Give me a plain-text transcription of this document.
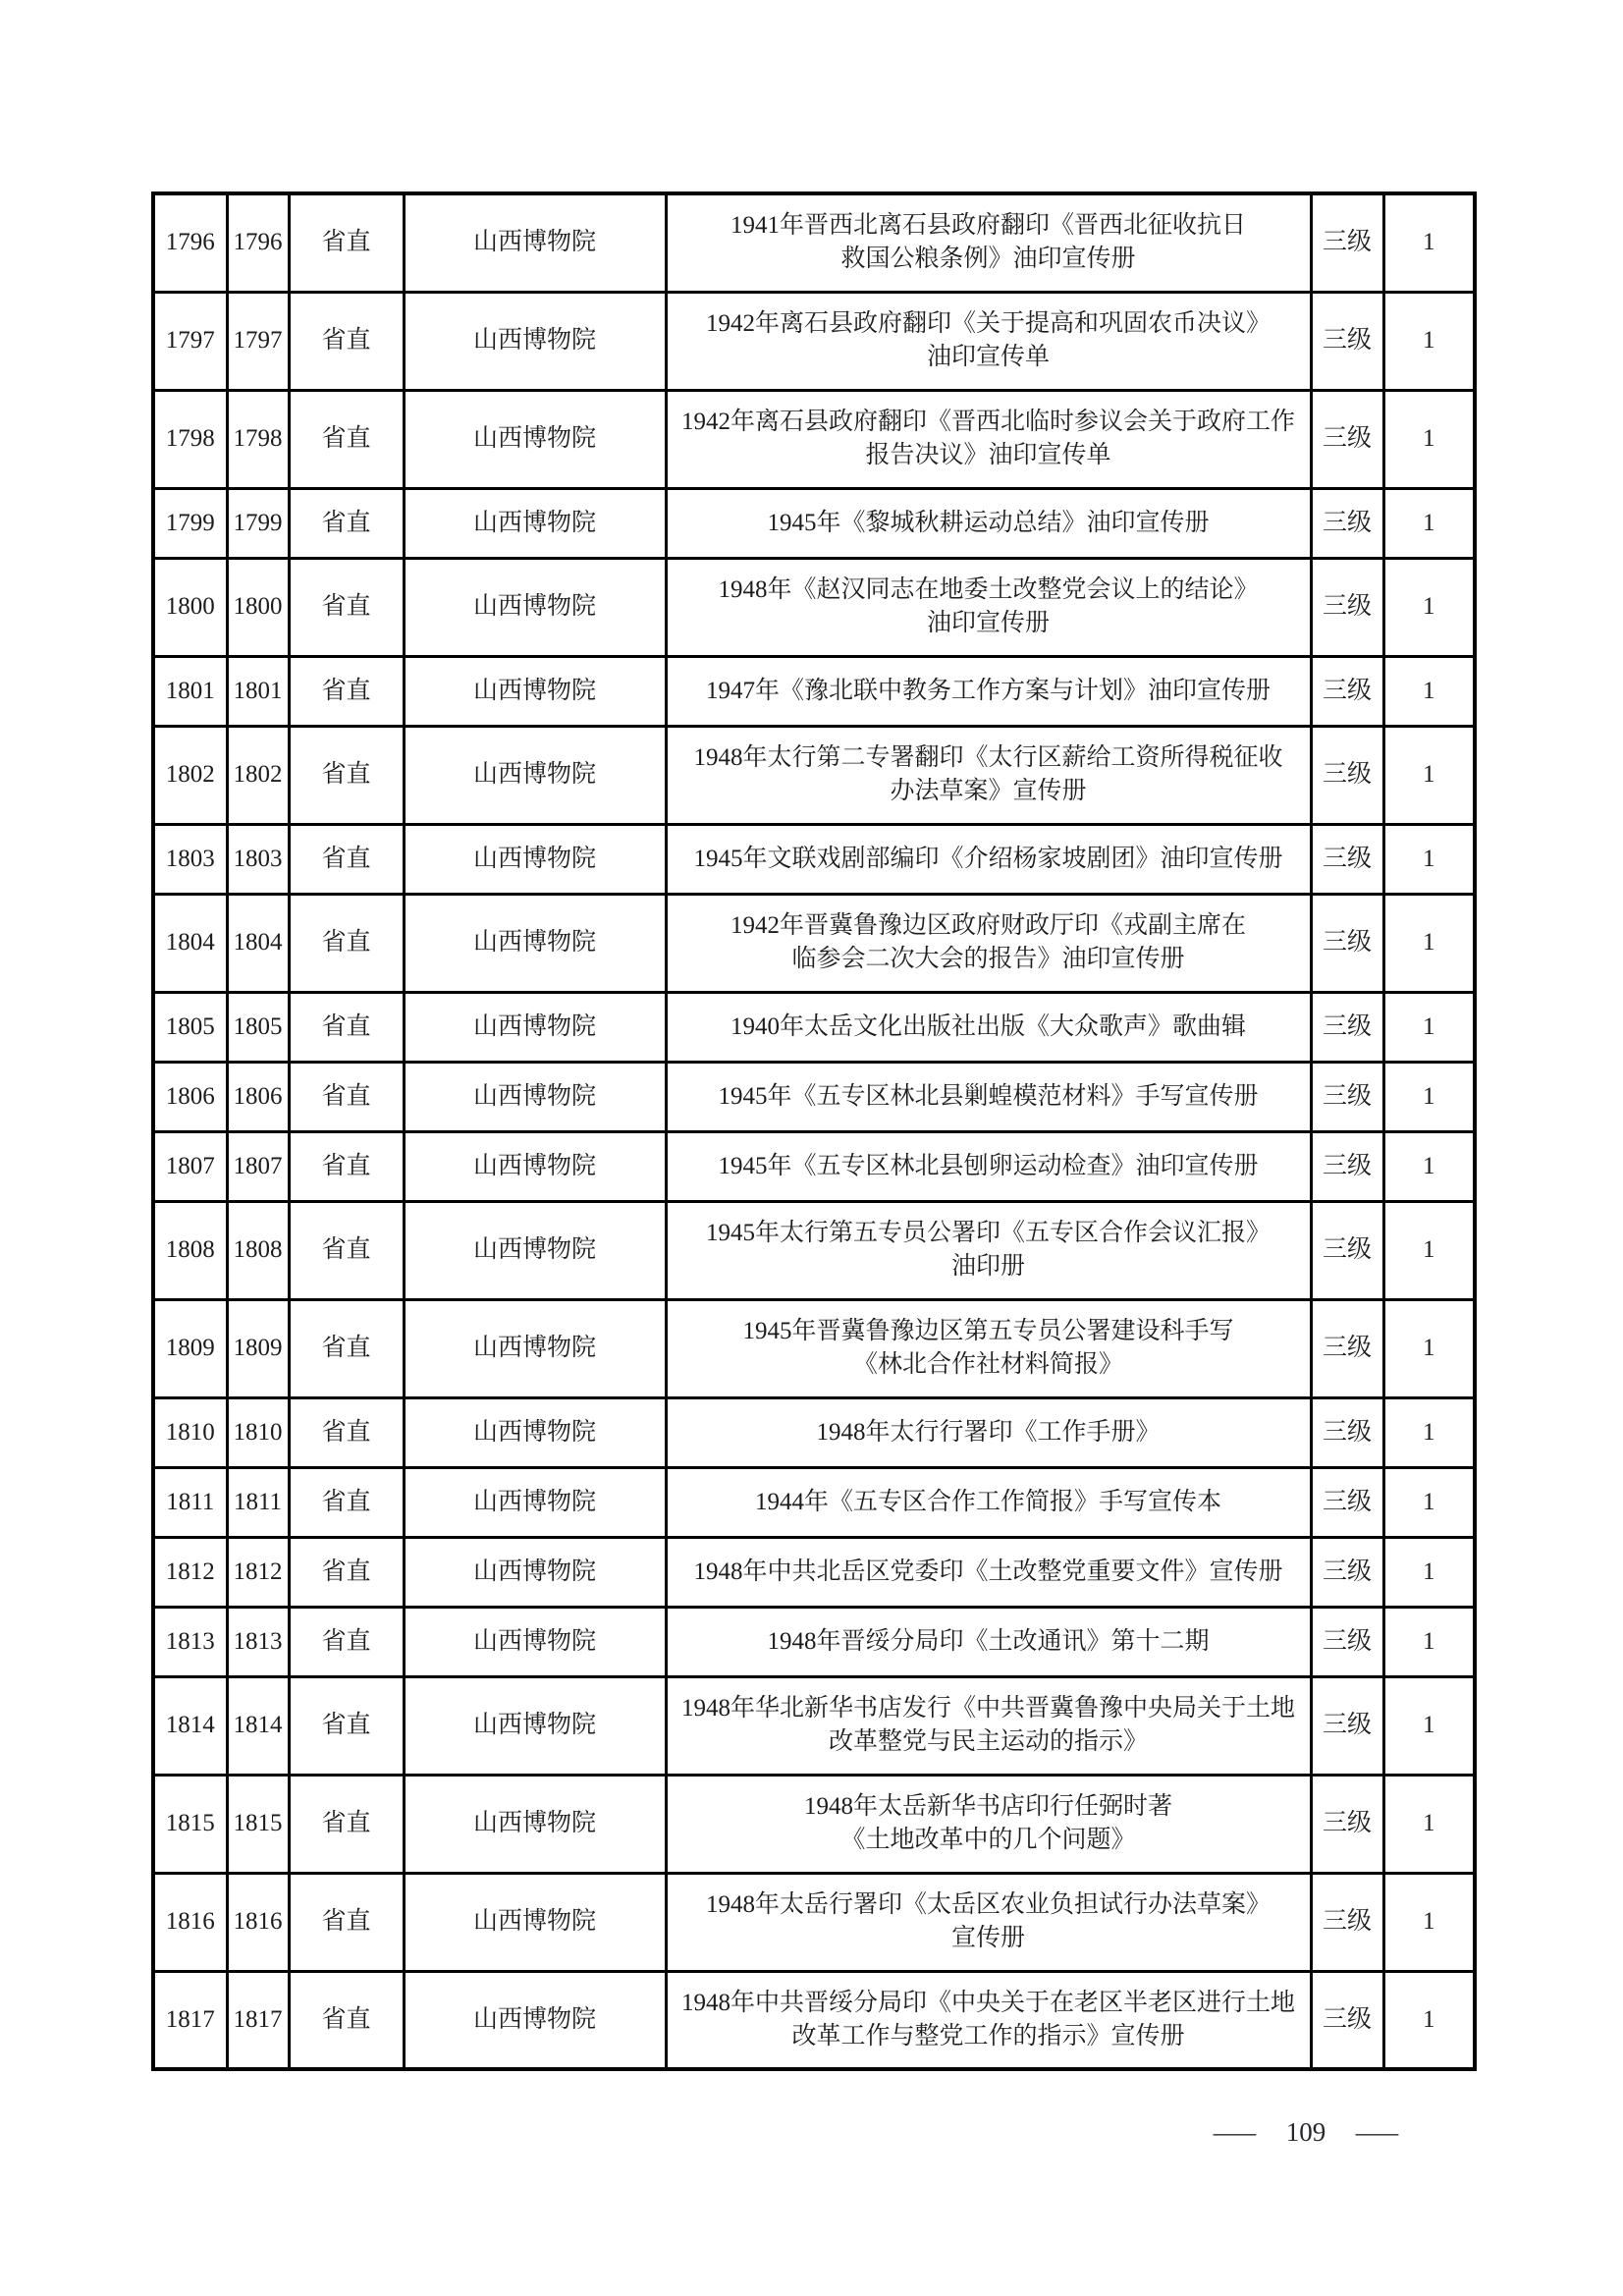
1796	1796	省直	山西博物院	1941年晋西北离石县政府翻印《晋西北征收抗日
救国公粮条例》油印宣传册	三级	1
1797	1797	省直	山西博物院	1942年离石县政府翻印《关于提高和巩固农币决议》
油印宣传单	三级	1
1798	1798	省直	山西博物院	1942年离石县政府翻印《晋西北临时参议会关于政府工作
报告决议》油印宣传单	三级	1
1799	1799	省直	山西博物院	1945年《黎城秋耕运动总结》油印宣传册	三级	1
1800	1800	省直	山西博物院	1948年《赵汉同志在地委土改整党会议上的结论》
油印宣传册	三级	1
1801	1801	省直	山西博物院	1947年《豫北联中教务工作方案与计划》油印宣传册	三级	1
1802	1802	省直	山西博物院	1948年太行第二专署翻印《太行区薪给工资所得税征收
办法草案》宣传册	三级	1
1803	1803	省直	山西博物院	1945年文联戏剧部编印《介绍杨家坡剧团》油印宣传册	三级	1
1804	1804	省直	山西博物院	1942年晋冀鲁豫边区政府财政厅印《戎副主席在
临参会二次大会的报告》油印宣传册	三级	1
1805	1805	省直	山西博物院	1940年太岳文化出版社出版《大众歌声》歌曲辑	三级	1
1806	1806	省直	山西博物院	1945年《五专区林北县剿蝗模范材料》手写宣传册	三级	1
1807	1807	省直	山西博物院	1945年《五专区林北县刨卵运动检查》油印宣传册	三级	1
1808	1808	省直	山西博物院	1945年太行第五专员公署印《五专区合作会议汇报》
油印册	三级	1
1809	1809	省直	山西博物院	1945年晋冀鲁豫边区第五专员公署建设科手写
《林北合作社材料简报》	三级	1
1810	1810	省直	山西博物院	1948年太行行署印《工作手册》	三级	1
1811	1811	省直	山西博物院	1944年《五专区合作工作简报》手写宣传本	三级	1
1812	1812	省直	山西博物院	1948年中共北岳区党委印《土改整党重要文件》宣传册	三级	1
1813	1813	省直	山西博物院	1948年晋绥分局印《土改通讯》第十二期	三级	1
1814	1814	省直	山西博物院	1948年华北新华书店发行《中共晋冀鲁豫中央局关于土地
改革整党与民主运动的指示》	三级	1
1815	1815	省直	山西博物院	1948年太岳新华书店印行任弼时著
《土地改革中的几个问题》	三级	1
1816	1816	省直	山西博物院	1948年太岳行署印《太岳区农业负担试行办法草案》
宣传册	三级	1
1817	1817	省直	山西博物院	1948年中共晋绥分局印《中央关于在老区半老区进行土地
改革工作与整党工作的指示》宣传册	三级	1
— 109 —
